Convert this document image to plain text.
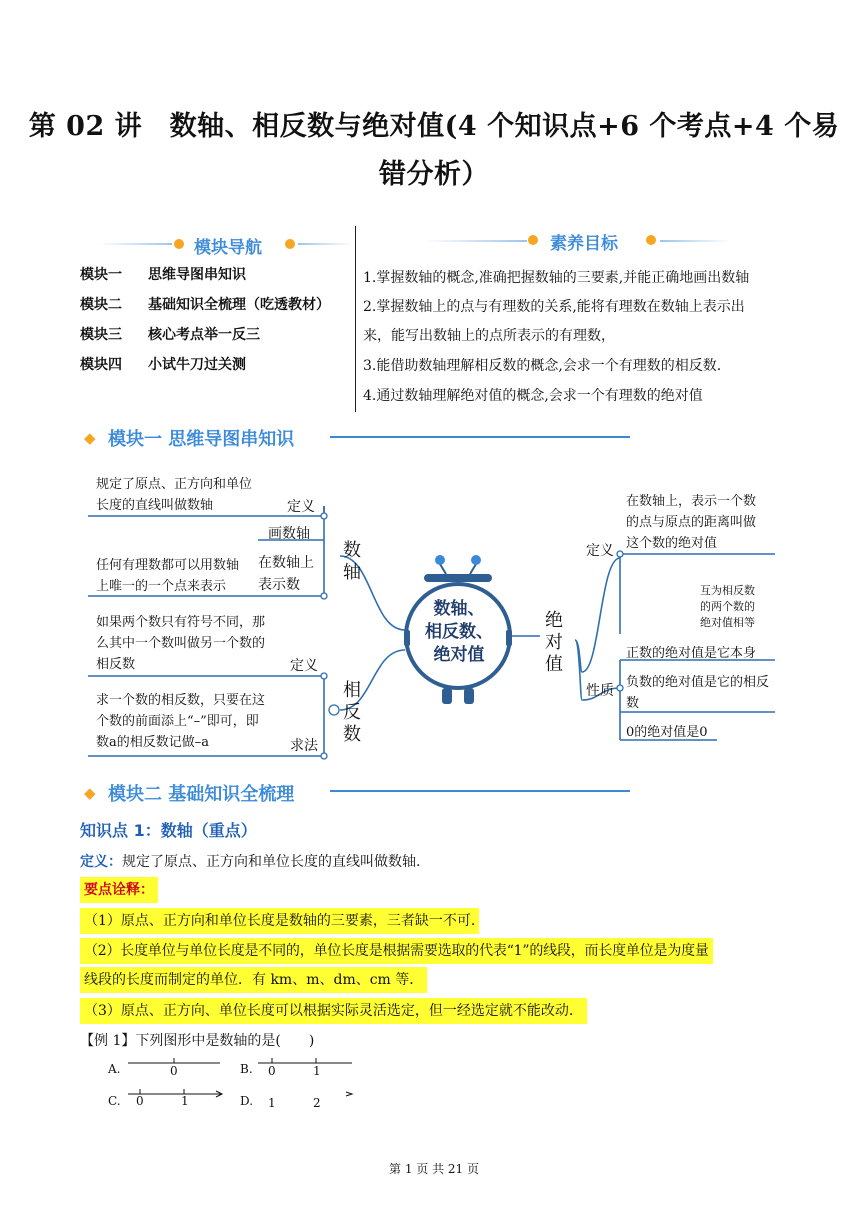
第 02 讲　数轴、相反数与绝对值(4 个知识点+6 个考点+4 个易
错分析）
模块导航
模块一 思维导图串知识
模块二 基础知识全梳理（吃透教材）
模块三 核心考点举一反三
模块四 小试牛刀过关测
素养目标
1.掌握数轴的概念,准确把握数轴的三要素,并能正确地画出数轴
2.掌握数轴上的点与有理数的关系,能将有理数在数轴上表示出
来，能写出数轴上的点所表示的有理数，
3.能借助数轴理解相反数的概念,会求一个有理数的相反数.
4.通过数轴理解绝对值的概念,会求一个有理数的绝对值
◆ 模块一 思维导图串知识
数轴、
相反数、
绝对值
规定了原点、正方向和单位
长度的直线叫做数轴	定义
画数轴
任何有理数都可以用数轴
上唯一的一个点来表示
在数轴上
表示数
数轴
如果两个数只有符号不同，那
么其中一个数叫做另一个数的
相反数	定义
求一个数的相反数，只要在这
个数的前面添上“–”即可，即
数a的相反数记做–a	求法
相反数
绝对值
定义
在数轴上，表示一个数
的点与原点的距离叫做
这个数的绝对值
互为相反数
的两个数的
绝对值相等
性质
正数的绝对值是它本身
负数的绝对值是它的相反数
0的绝对值是0
◆ 模块二 基础知识全梳理
知识点 1：数轴（重点）
定义：规定了原点、正方向和单位长度的直线叫做数轴.
要点诠释：
（1）原点、正方向和单位长度是数轴的三要素，三者缺一不可.
（2）长度单位与单位长度是不同的，单位长度是根据需要选取的代表“1”的线段，而长度单位是为度量
线段的长度而制定的单位．有 km、m、dm、cm 等．
（3）原点、正方向、单位长度可以根据实际灵活选定，但一经选定就不能改动．
【例 1】下列图形中是数轴的是(　　)
A.	0	B. 0	1
C. 0	1	D. 1	2
第 1 页 共 21 页
